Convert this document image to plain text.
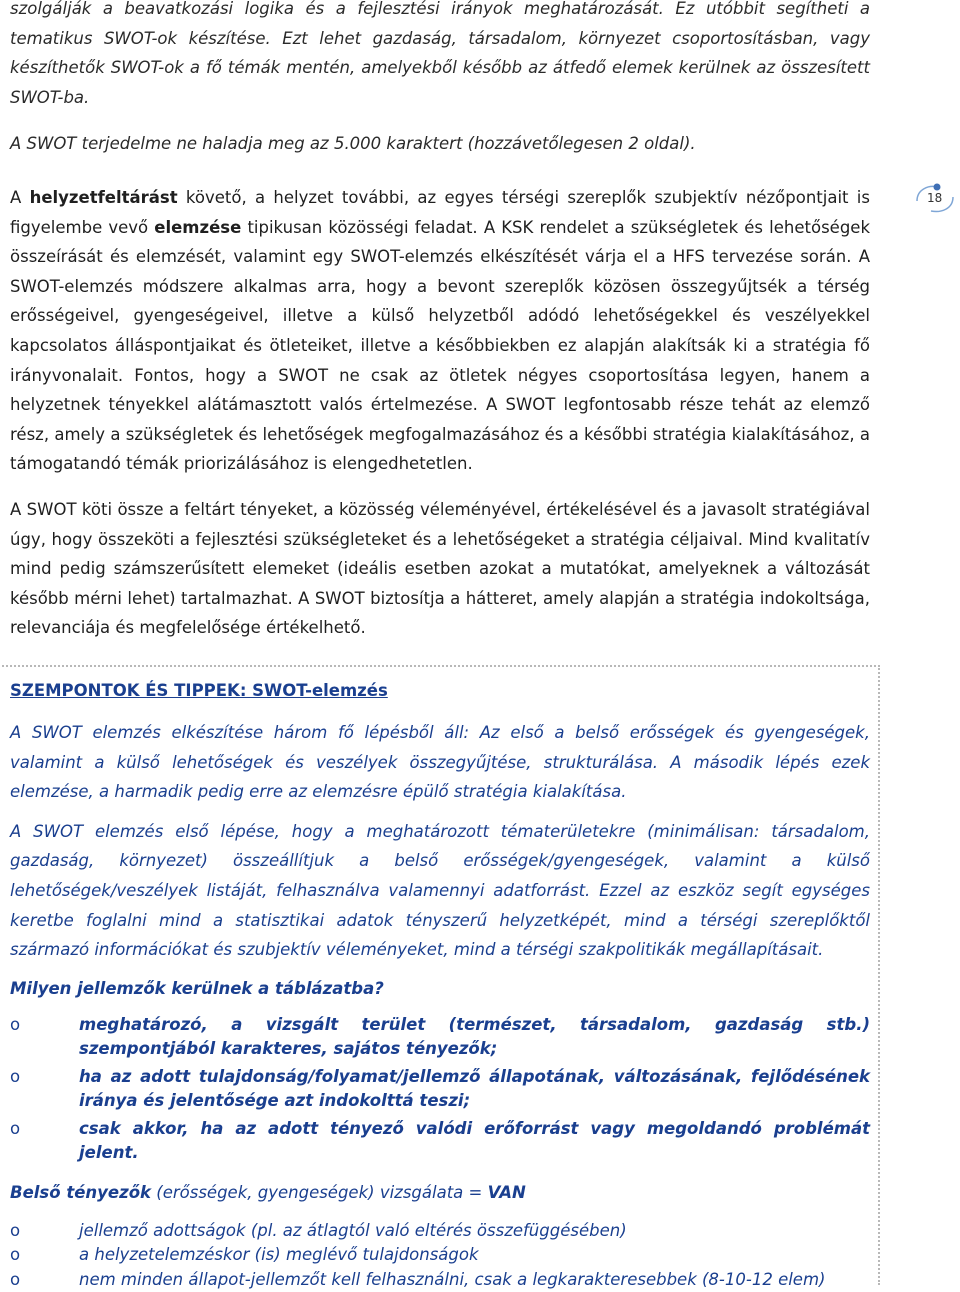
szolgálják a beavatkozási logika és a fejlesztési irányok meghatározását. Ez utóbbit segítheti a tematikus SWOT-ok készítése. Ezt lehet gazdaság, társadalom, környezet csoportosításban, vagy készíthetők SWOT-ok a fő témák mentén, amelyekből később az átfedő elemek kerülnek az összesített SWOT-ba.

A SWOT terjedelme ne haladja meg az 5.000 karaktert (hozzávetőlegesen 2 oldal).

A helyzetfeltárást követő, a helyzet további, az egyes térségi szereplők szubjektív nézőpontjait is figyelembe vevő elemzése tipikusan közösségi feladat. A KSK rendelet a szükségletek és lehetőségek összeírását és elemzését, valamint egy SWOT-elemzés elkészítését várja el a HFS tervezése során. A SWOT-elemzés módszere alkalmas arra, hogy a bevont szereplők közösen összegyűjtsék a térség erősségeivel, gyengeségeivel, illetve a külső helyzetből adódó lehetőségekkel és veszélyekkel kapcsolatos álláspontjaikat és ötleteiket, illetve a későbbiekben ez alapján alakítsák ki a stratégia fő irányvonalait. Fontos, hogy a SWOT ne csak az ötletek négyes csoportosítása legyen, hanem a helyzetnek tényekkel alátámasztott valós értelmezése. A SWOT legfontosabb része tehát az elemző rész, amely a szükségletek és lehetőségek megfogalmazásához és a későbbi stratégia kialakításához, a támogatandó témák priorizálásához is elengedhetetlen.

A SWOT köti össze a feltárt tényeket, a közösség véleményével, értékelésével és a javasolt stratégiával úgy, hogy összeköti a fejlesztési szükségleteket és a lehetőségeket a stratégia céljaival. Mind kvalitatív mind pedig számszerűsített elemeket (ideális esetben azokat a mutatókat, amelyeknek a változását később mérni lehet) tartalmazhat. A SWOT biztosítja a hátteret, amely alapján a stratégia indokoltsága, relevanciája és megfelelősége értékelhető.

18

SZEMPONTOK ÉS TIPPEK: SWOT-elemzés

A SWOT elemzés elkészítése három fő lépésből áll: Az első a belső erősségek és gyengeségek, valamint a külső lehetőségek és veszélyek összegyűjtése, strukturálása. A második lépés ezek elemzése, a harmadik pedig erre az elemzésre épülő stratégia kialakítása.

A SWOT elemzés első lépése, hogy a meghatározott tématerületekre (minimálisan: társadalom, gazdaság, környezet) összeállítjuk a belső erősségek/gyengeségek, valamint a külső lehetőségek/veszélyek listáját, felhasználva valamennyi adatforrást. Ezzel az eszköz segít egységes keretbe foglalni mind a statisztikai adatok tényszerű helyzetképét, mind a térségi szereplőktől származó információkat és szubjektív véleményeket, mind a térségi szakpolitikák megállapításait.

Milyen jellemzők kerülnek a táblázatba?

o	meghatározó, a vizsgált terület (természet, társadalom, gazdaság stb.) szempontjából karakteres, sajátos tényezők;
o	ha az adott tulajdonság/folyamat/jellemző állapotának, változásának, fejlődésének iránya és jelentősége azt indokolttá teszi;
o	csak akkor, ha az adott tényező valódi erőforrást vagy megoldandó problémát jelent.

Belső tényezők (erősségek, gyengeségek) vizsgálata = VAN

o	jellemző adottságok (pl. az átlagtól való eltérés összefüggésében)
o	a helyzetelemzéskor (is) meglévő tulajdonságok
o	nem minden állapot-jellemzőt kell felhasználni, csak a legkarakteresebbek (8-10-12 elem)
